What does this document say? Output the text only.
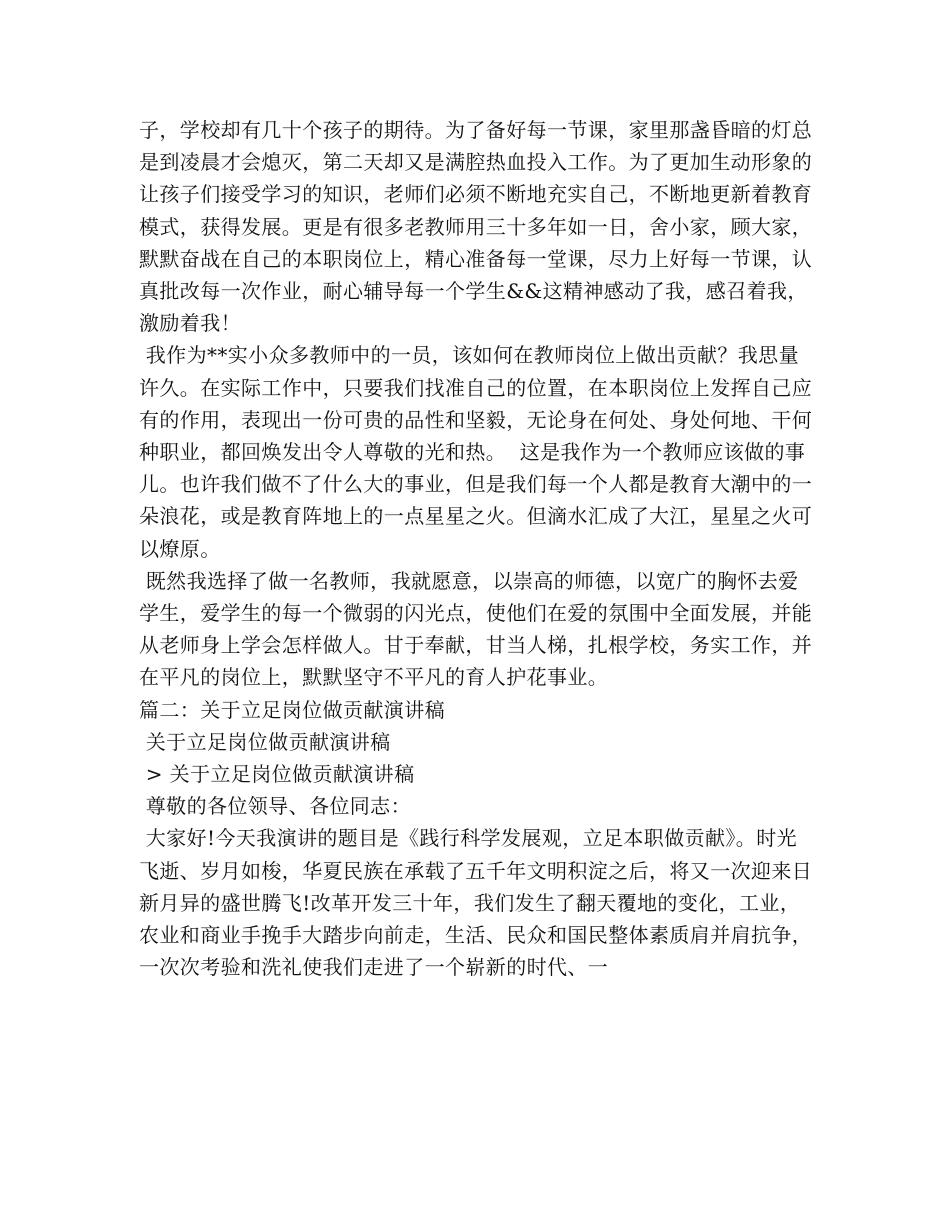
子，学校却有几十个孩子的期待。为了备好每一节课，家里那盏昏暗的灯总是到凌晨才会熄灭，第二天却又是满腔热血投入工作。为了更加生动形象的让孩子们接受学习的知识，老师们必须不断地充实自己，不断地更新着教育模式，获得发展。更是有很多老教师用三十多年如一日，舍小家，顾大家，默默奋战在自己的本职岗位上，精心准备每一堂课，尽力上好每一节课，认真批改每一次作业，耐心辅导每一个学生&&这精神感动了我，感召着我，激励着我！

我作为**实小众多教师中的一员，该如何在教师岗位上做出贡献？我思量许久。在实际工作中，只要我们找准自己的位置，在本职岗位上发挥自己应有的作用，表现出一份可贵的品性和坚毅，无论身在何处、身处何地、干何种职业，都回焕发出令人尊敬的光和热。  这是我作为一个教师应该做的事儿。也许我们做不了什么大的事业，但是我们每一个人都是教育大潮中的一朵浪花，或是教育阵地上的一点星星之火。但滴水汇成了大江，星星之火可以燎原。

既然我选择了做一名教师，我就愿意，以崇高的师德，以宽广的胸怀去爱学生，爱学生的每一个微弱的闪光点，使他们在爱的氛围中全面发展，并能从老师身上学会怎样做人。甘于奉献，甘当人梯，扎根学校，务实工作，并在平凡的岗位上，默默坚守不平凡的育人护花事业。

篇二：关于立足岗位做贡献演讲稿

关于立足岗位做贡献演讲稿

> 关于立足岗位做贡献演讲稿

尊敬的各位领导、各位同志：

大家好!今天我演讲的题目是《践行科学发展观，立足本职做贡献》。时光飞逝、岁月如梭，华夏民族在承载了五千年文明积淀之后，将又一次迎来日新月异的盛世腾飞!改革开发三十年，我们发生了翻天覆地的变化，工业，农业和商业手挽手大踏步向前走，生活、民众和国民整体素质肩并肩抗争，一次次考验和洗礼使我们走进了一个崭新的时代、一
